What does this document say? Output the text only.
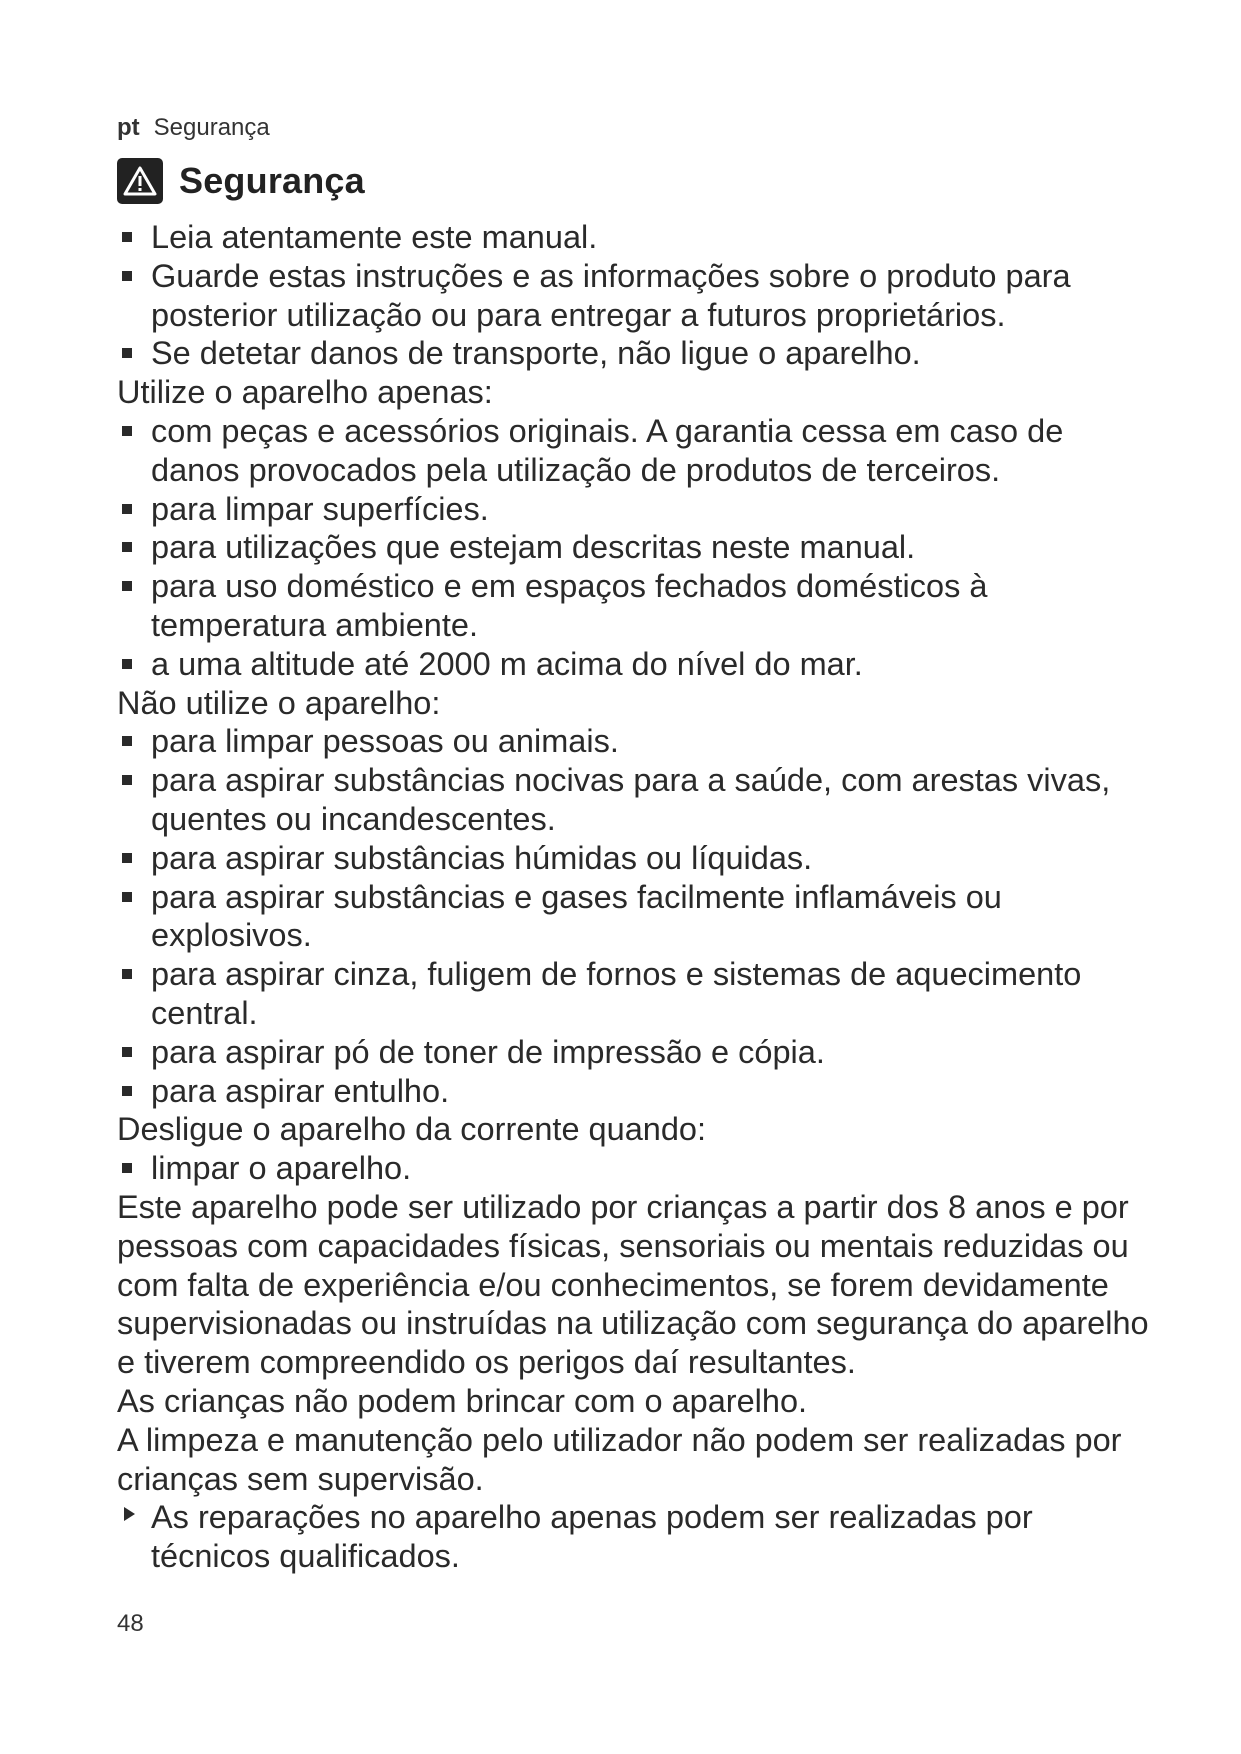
pt Segurança
Segurança
Leia atentamente este manual.
Guarde estas instruções e as informações sobre o produto para posterior utilização ou para entregar a futuros proprietários.
Se detetar danos de transporte, não ligue o aparelho.
Utilize o aparelho apenas:
com peças e acessórios originais. A garantia cessa em caso de danos provocados pela utilização de produtos de terceiros.
para limpar superfícies.
para utilizações que estejam descritas neste manual.
para uso doméstico e em espaços fechados domésticos à temperatura ambiente.
a uma altitude até 2000 m acima do nível do mar.
Não utilize o aparelho:
para limpar pessoas ou animais.
para aspirar substâncias nocivas para a saúde, com arestas vivas, quentes ou incandescentes.
para aspirar substâncias húmidas ou líquidas.
para aspirar substâncias e gases facilmente inflamáveis ou explosivos.
para aspirar cinza, fuligem de fornos e sistemas de aquecimento central.
para aspirar pó de toner de impressão e cópia.
para aspirar entulho.
Desligue o aparelho da corrente quando:
limpar o aparelho.
Este aparelho pode ser utilizado por crianças a partir dos 8 anos e por pessoas com capacidades físicas, sensoriais ou mentais reduzidas ou com falta de experiência e/ou conhecimentos, se forem devidamente supervisionadas ou instruídas na utilização com segurança do aparelho e tiverem compreendido os perigos daí resultantes.
As crianças não podem brincar com o aparelho.
A limpeza e manutenção pelo utilizador não podem ser realizadas por crianças sem supervisão.
As reparações no aparelho apenas podem ser realizadas por técnicos qualificados.
48
